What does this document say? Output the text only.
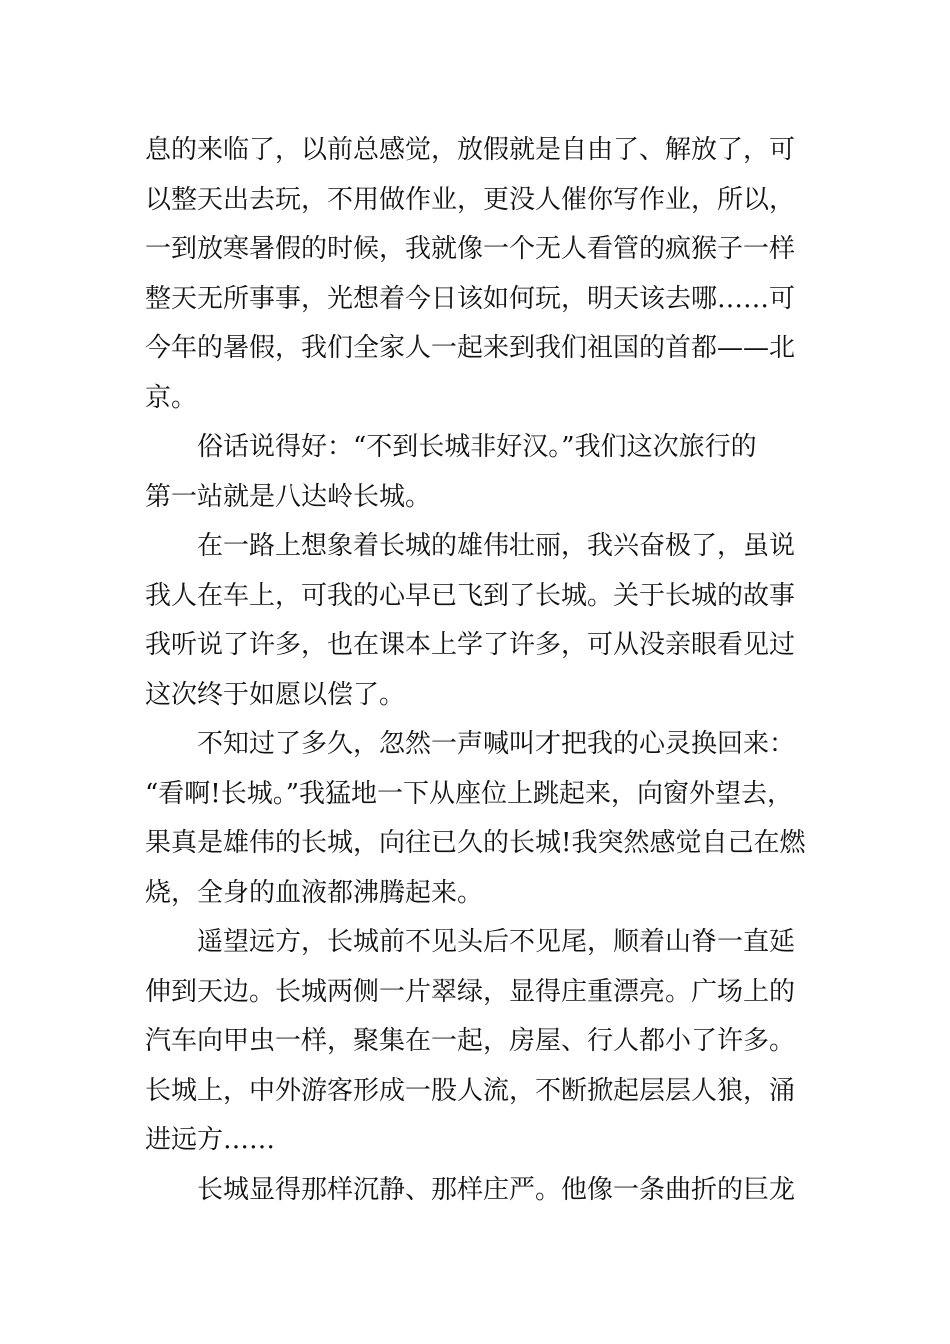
息的来临了，以前总感觉，放假就是自由了、解放了，可
以整天出去玩，不用做作业，更没人催你写作业，所以，
一到放寒暑假的时候，我就像一个无人看管的疯猴子一样
整天无所事事，光想着今日该如何玩，明天该去哪……可
今年的暑假，我们全家人一起来到我们祖国的首都——北
京。
俗话说得好：“不到长城非好汉。”我们这次旅行的
第一站就是八达岭长城。
在一路上想象着长城的雄伟壮丽，我兴奋极了，虽说
我人在车上，可我的心早已飞到了长城。关于长城的故事
我听说了许多，也在课本上学了许多，可从没亲眼看见过
这次终于如愿以偿了。
不知过了多久，忽然一声喊叫才把我的心灵换回来：
“看啊!长城。”我猛地一下从座位上跳起来，向窗外望去，
果真是雄伟的长城，向往已久的长城!我突然感觉自己在燃
烧，全身的血液都沸腾起来。
遥望远方，长城前不见头后不见尾，顺着山脊一直延
伸到天边。长城两侧一片翠绿，显得庄重漂亮。广场上的
汽车向甲虫一样，聚集在一起，房屋、行人都小了许多。
长城上，中外游客形成一股人流，不断掀起层层人狼，涌
进远方……
长城显得那样沉静、那样庄严。他像一条曲折的巨龙
